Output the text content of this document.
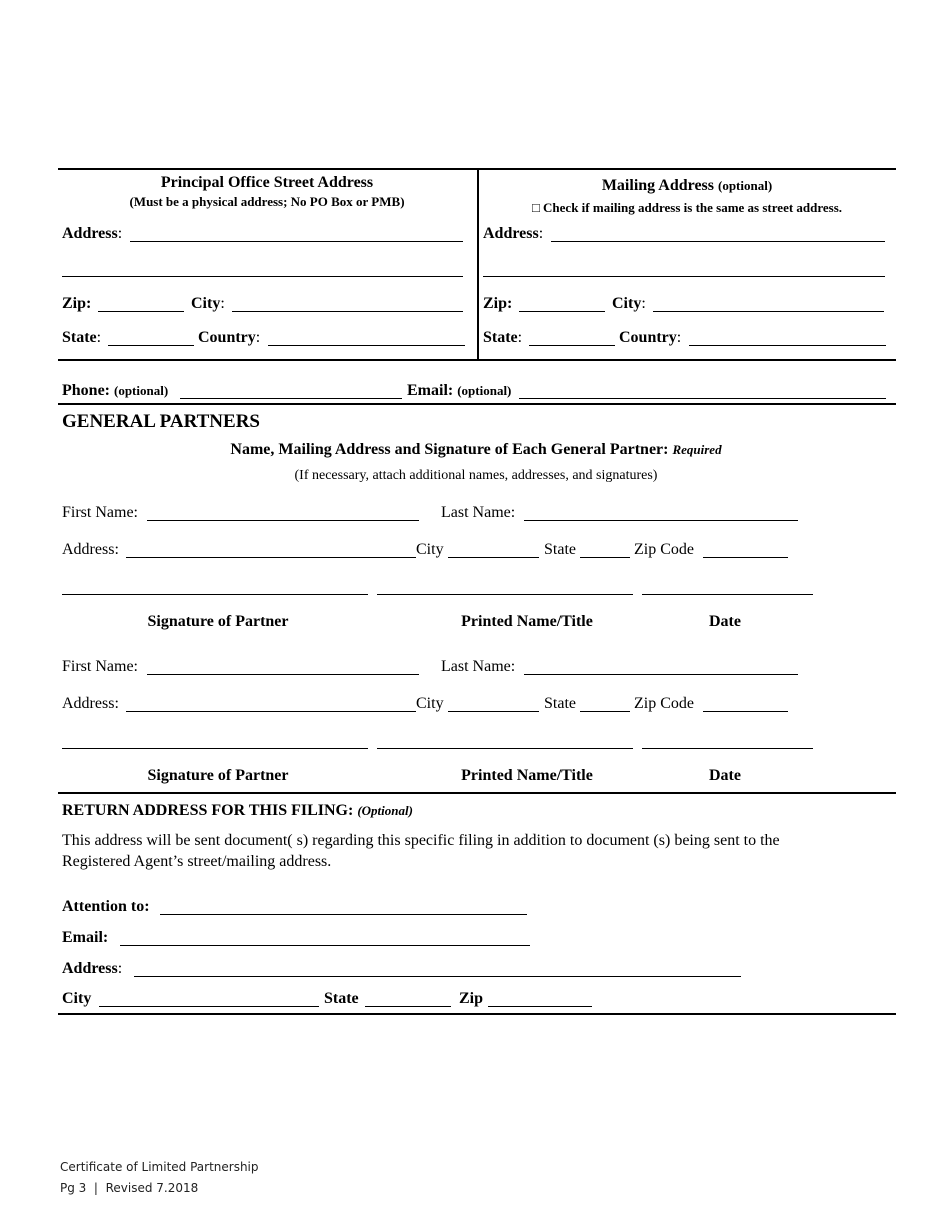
Principal Office Street Address
(Must be a physical address; No PO Box or PMB)
Address:
Zip:	City:
State:	Country:
Mailing Address (optional)
□ Check if mailing address is the same as street address.
Address:
Zip:	City:
State:	Country:
Phone: (optional)	Email: (optional)
GENERAL PARTNERS
Name, Mailing Address and Signature of Each General Partner: Required
(If necessary, attach additional names, addresses, and signatures)
First Name:	Last Name:
Address:	City	State	Zip Code
Signature of Partner	Printed Name/Title	Date
First Name:	Last Name:
Address:	City	State	Zip Code
Signature of Partner	Printed Name/Title	Date
RETURN ADDRESS FOR THIS FILING: (Optional)
This address will be sent document( s) regarding this specific filing in addition to document (s) being sent to the Registered Agent’s street/mailing address.
Attention to:
Email:
Address:
City	State	Zip
Certificate of Limited Partnership
Pg 3  |  Revised 7.2018
